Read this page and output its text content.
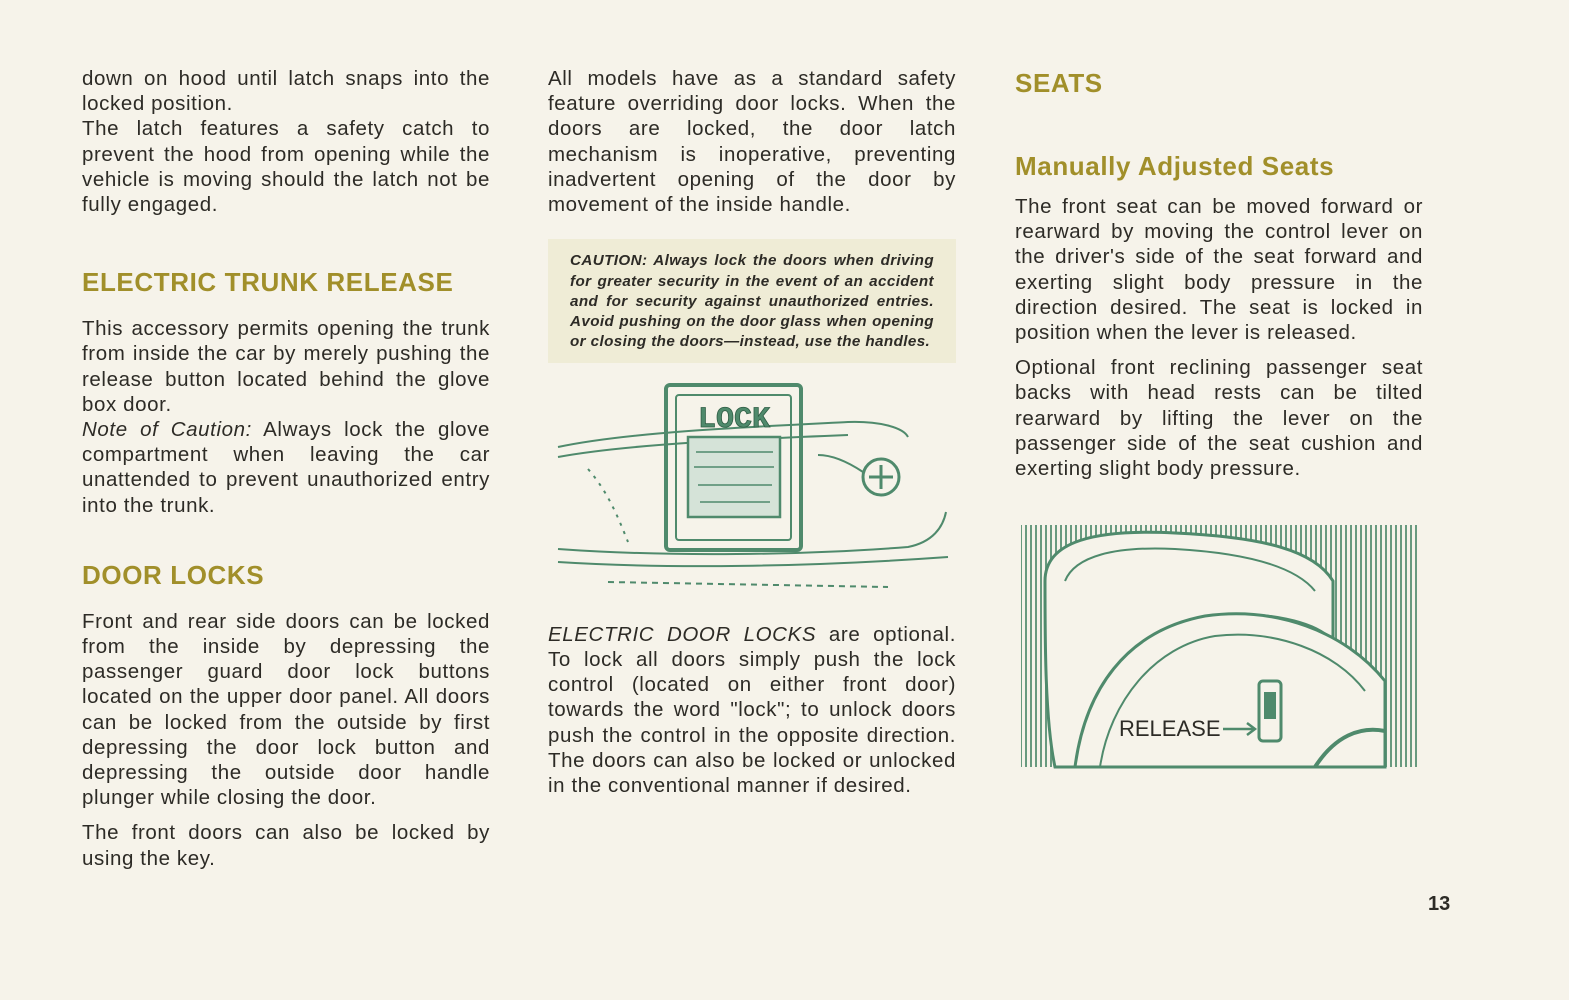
down on hood until latch snaps into the locked position.

The latch features a safety catch to prevent the hood from opening while the vehicle is moving should the latch not be fully engaged.

ELECTRIC TRUNK RELEASE

This accessory permits opening the trunk from inside the car by merely pushing the release button located behind the glove box door.

Note of Caution: Always lock the glove compartment when leaving the car unattended to prevent unauthorized entry into the trunk.

DOOR LOCKS

Front and rear side doors can be locked from the inside by depressing the passenger guard door lock buttons located on the upper door panel. All doors can be locked from the outside by first depressing the door lock button and depressing the outside door handle plunger while closing the door.

The front doors can also be locked by using the key.

All models have as a standard safety feature overriding door locks. When the doors are locked, the door latch mechanism is inoperative, preventing inadvertent opening of the door by movement of the inside handle.

CAUTION: Always lock the doors when driving for greater security in the event of an accident and for security against unauthorized entries. Avoid pushing on the door glass when opening or closing the doors—instead, use the handles.
LOCK

ELECTRIC DOOR LOCKS are optional. To lock all doors simply push the lock control (located on either front door) towards the word "lock"; to unlock doors push the control in the opposite direction. The doors can also be locked or unlocked in the conventional manner if desired.

SEATS
Manually Adjusted Seats

The front seat can be moved forward or rearward by moving the control lever on the driver's side of the seat forward and exerting slight body pressure in the direction desired. The seat is locked in position when the lever is released.

Optional front reclining passenger seat backs with head rests can be tilted rearward by lifting the lever on the passenger side of the seat cushion and exerting slight body pressure.

RELEASE
13
